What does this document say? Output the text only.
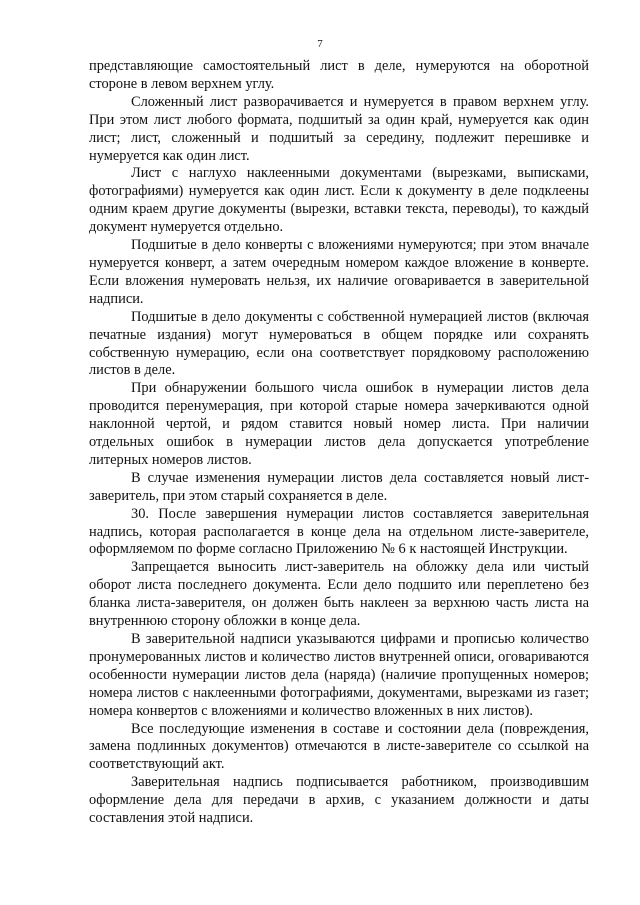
7

представляющие самостоятельный лист в деле, нумеруются на оборотной стороне в левом верхнем углу.

Сложенный лист разворачивается и нумеруется в правом верхнем углу. При этом лист любого формата, подшитый за один край, нумеруется как один лист; лист, сложенный и подшитый за середину, подлежит перешивке и нумеруется как один лист.

Лист с наглухо наклеенными документами (вырезками, выписками, фотографиями) нумеруется как один лист. Если к документу в деле подклеены одним краем другие документы (вырезки, вставки текста, переводы), то каждый документ нумеруется отдельно.

Подшитые в дело конверты с вложениями нумеруются; при этом вначале нумеруется конверт, а затем очередным номером каждое вложение в конверте. Если вложения нумеровать нельзя, их наличие оговаривается в заверительной надписи.

Подшитые в дело документы с собственной нумерацией листов (включая печатные издания) могут нумероваться в общем порядке или сохранять собственную нумерацию, если она соответствует порядковому расположению листов в деле.

При обнаружении большого числа ошибок в нумерации листов дела проводится перенумерация, при которой старые номера зачеркиваются одной наклонной чертой, и рядом ставится новый номер листа. При наличии отдельных ошибок в нумерации листов дела допускается употребление литерных номеров листов.

В случае изменения нумерации листов дела составляется новый лист-заверитель, при этом старый сохраняется в деле.

30. После завершения нумерации листов составляется заверительная надпись, которая располагается в конце дела на отдельном листе-заверителе, оформляемом по форме согласно Приложению № 6 к настоящей Инструкции.

Запрещается выносить лист-заверитель на обложку дела или чистый оборот листа последнего документа. Если дело подшито или переплетено без бланка листа-заверителя, он должен быть наклеен за верхнюю часть листа на внутреннюю сторону обложки в конце дела.

В заверительной надписи указываются цифрами и прописью количество пронумерованных листов и количество листов внутренней описи, оговариваются особенности нумерации листов дела (наряда) (наличие пропущенных номеров; номера листов с наклеенными фотографиями, документами, вырезками из газет; номера конвертов с вложениями и количество вложенных в них листов).

Все последующие изменения в составе и состоянии дела (повреждения, замена подлинных документов) отмечаются в листе-заверителе со ссылкой на соответствующий акт.

Заверительная надпись подписывается работником, производившим оформление дела для передачи в архив, с указанием должности и даты составления этой надписи.
